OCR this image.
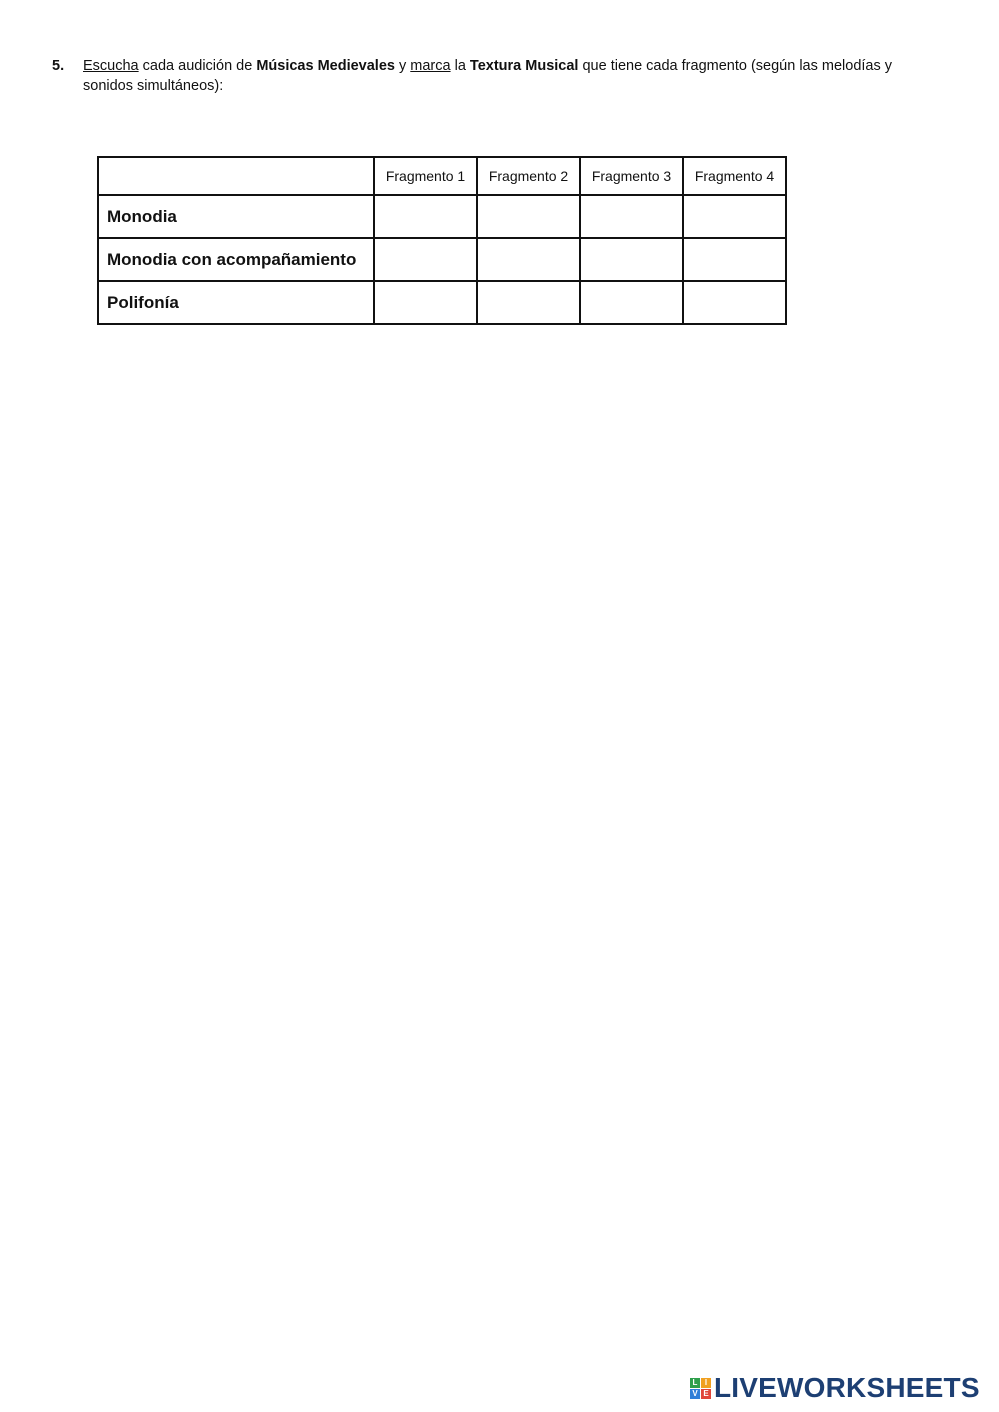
5. Escucha cada audición de Músicas Medievales y marca la Textura Musical que tiene cada fragmento (según las melodías y sonidos simultáneos):
	Fragmento 1	Fragmento 2	Fragmento 3	Fragmento 4
Monodia				
Monodia con acompañamiento				
Polifonía				
L I
V E LIVEWORKSHEETS
